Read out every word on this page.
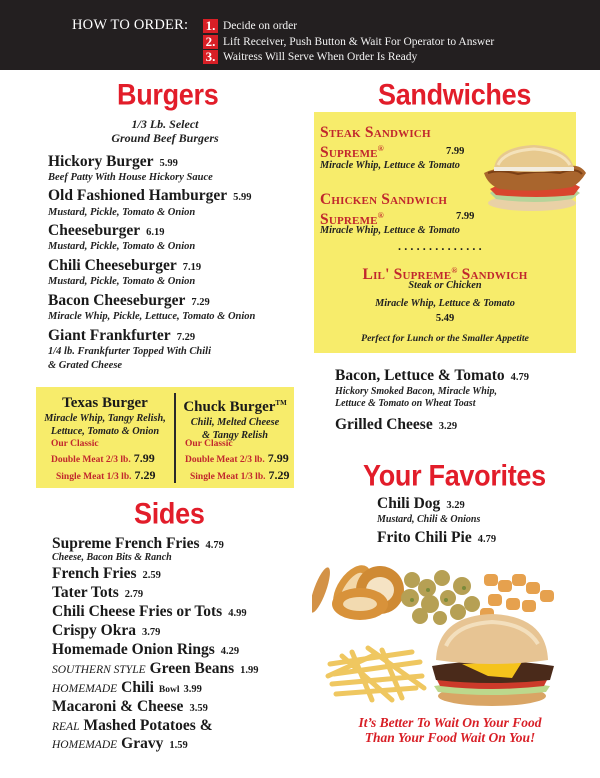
HOW TO ORDER: 1. Decide on order
2. Lift Receiver, Push Button & Wait For Operator to Answer
3. Waitress Will Serve When Order Is Ready
Burgers
1/3 Lb. Select
Ground Beef Burgers
Hickory Burger 5.99
Beef Patty With House Hickory Sauce
Old Fashioned Hamburger 5.99
Mustard, Pickle, Tomato & Onion
Cheeseburger 6.19
Mustard, Pickle, Tomato & Onion
Chili Cheeseburger 7.19
Mustard, Pickle, Tomato & Onion
Bacon Cheeseburger 7.29
Miracle Whip, Pickle, Lettuce, Tomato & Onion
Giant Frankfurter 7.29
1/4 lb. Frankfurter Topped With Chili
& Grated Cheese
Texas Burger
Miracle Whip, Tangy Relish,
Lettuce, Tomato & Onion
Our Classic
Double Meat 2/3 lb. 7.99
Single Meat 1/3 lb. 7.29
Chuck Burger™
Chili, Melted Cheese
& Tangy Relish
Our Classic
Double Meat 2/3 lb. 7.99
Single Meat 1/3 lb. 7.29
Sides
Supreme French Fries 4.79
Cheese, Bacon Bits & Ranch
French Fries 2.59
Tater Tots 2.79
Chili Cheese Fries or Tots 4.99
Crispy Okra 3.79
Homemade Onion Rings 4.29
SOUTHERN STYLE Green Beans 1.99
HOMEMADE Chili Bowl 3.99
Macaroni & Cheese 3.59
REAL Mashed Potatoes &
HOMEMADE Gravy 1.59
Sandwiches
Steak Sandwich
Supreme®	7.99
Miracle Whip, Lettuce & Tomato
Chicken Sandwich
Supreme®	7.99
Miracle Whip, Lettuce & Tomato
..............
Lil' Supreme® Sandwich
Steak or Chicken
Miracle Whip, Lettuce & Tomato
5.49
Perfect for Lunch or the Smaller Appetite
Bacon, Lettuce & Tomato 4.79
Hickory Smoked Bacon, Miracle Whip,
Lettuce & Tomato on Wheat Toast
Grilled Cheese 3.29
Your Favorites
Chili Dog 3.29
Mustard, Chili & Onions
Frito Chili Pie 4.79
It’s Better To Wait On Your Food
Than Your Food Wait On You!
